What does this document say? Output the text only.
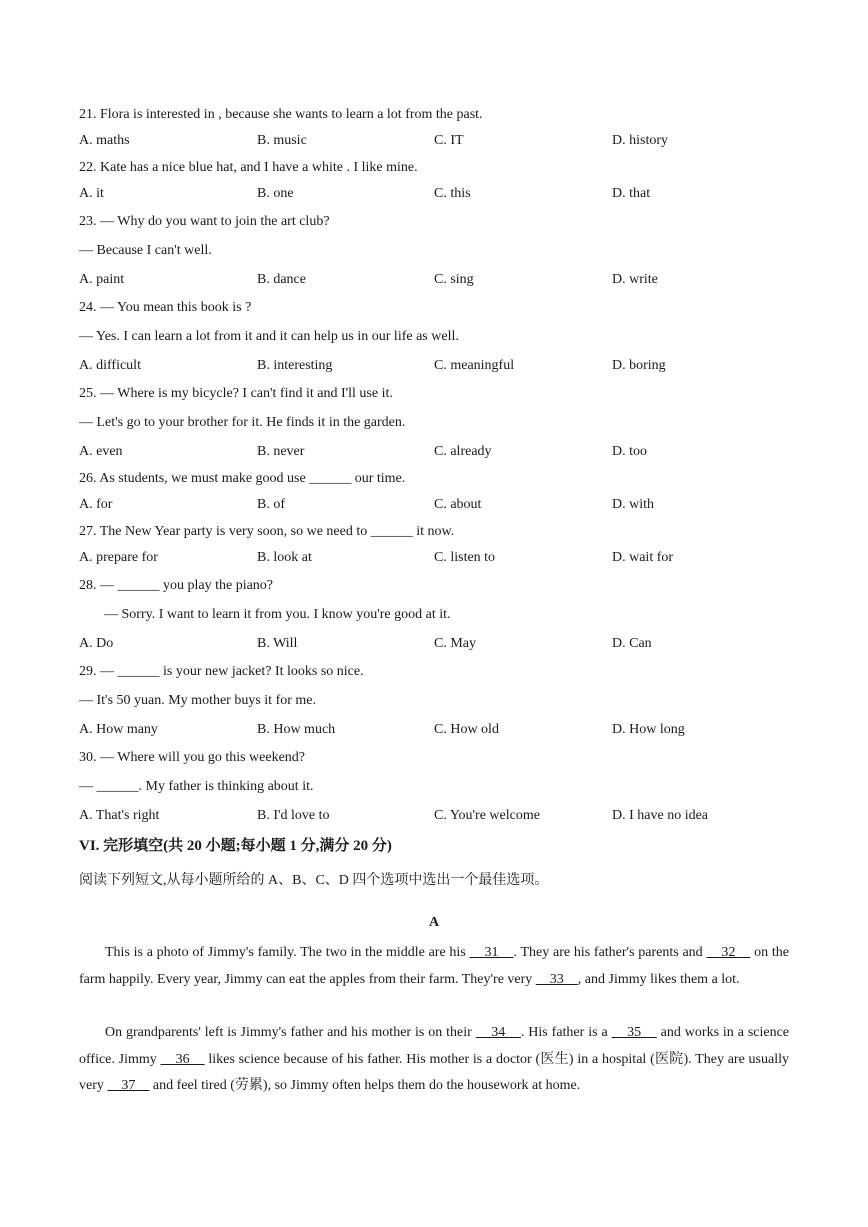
21. Flora is interested in , because she wants to learn a lot from the past.
A. maths	B. music	C. IT	D. history
22. Kate has a nice blue hat, and I have a white . I like mine.
A. it	B. one	C. this	D. that
23. — Why do you want to join the art club?
— Because I can't well.
A. paint	B. dance	C. sing	D. write
24. — You mean this book is ?
— Yes. I can learn a lot from it and it can help us in our life as well.
A. difficult	B. interesting	C. meaningful	D. boring
25. — Where is my bicycle? I can't find it and I'll use it.
— Let's go to your brother for it. He finds it in the garden.
A. even	B. never	C. already	D. too
26. As students, we must make good use ______ our time.
A. for	B. of	C. about	D. with
27. The New Year party is very soon, so we need to ______ it now.
A. prepare for	B. look at	C. listen to	D. wait for
28. — ______ you play the piano?
— Sorry. I want to learn it from you. I know you're good at it.
A. Do	B. Will	C. May	D. Can
29. — ______ is your new jacket? It looks so nice.
— It's 50 yuan. My mother buys it for me.
A. How many	B. How much	C. How old	D. How long
30. — Where will you go this weekend?
— ______. My father is thinking about it.
A. That's right	B. I'd love to	C. You're welcome	D. I have no idea
VI. 完形填空(共 20 小题;每小题 1 分,满分 20 分)
阅读下列短文,从每小题所给的 A、B、C、D 四个选项中选出一个最佳选项。
A
This is a photo of Jimmy's family. The two in the middle are his     31    . They are his father's parents and     32     on the farm happily. Every year, Jimmy can eat the apples from their farm. They're very     33    , and Jimmy likes them a lot.
On grandparents' left is Jimmy's father and his mother is on their     34    . His father is a     35     and works in a science office. Jimmy     36     likes science because of his father. His mother is a doctor (医生) in a hospital (医院). They are usually very     37     and feel tired (劳累), so Jimmy often helps them do the housework at home.
